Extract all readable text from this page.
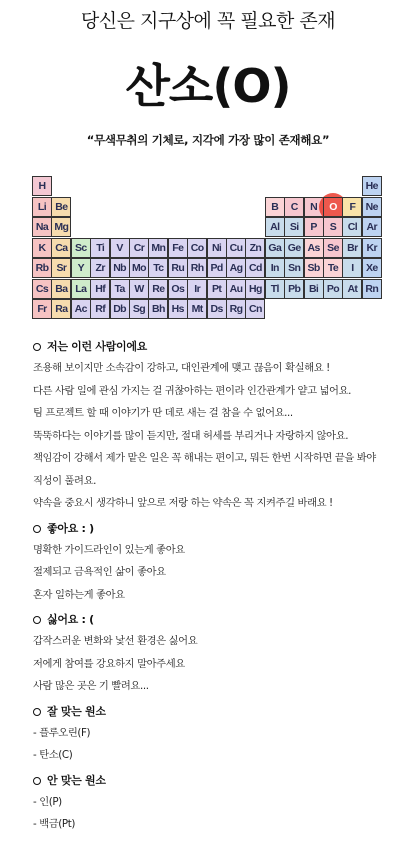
당신은 지구상에 꼭 필요한 존재
산소(O)
“무색무취의 기체로, 지각에 가장 많이 존재해요”
H	He
Li Be	B	C	N	O	F Ne
Na Mg	Al Si	P	S	Cl Ar
K Ca Sc Ti	V	Cr Mn Fe Co Ni Cu Zn Ga Ge As Se Br Kr
Rb Sr	Y	Zr Nb Mo Tc Ru Rh Pd Ag Cd In Sn Sb Te	I	Xe
Cs Ba La Hf Ta W Re Os Ir	Pt Au Hg Tl Pb Bi Po At Rn
Fr Ra Ac Rf Db Sg Bh Hs Mt Ds Rg Cn
저는 이런 사람이에요
조용해 보이지만 소속감이 강하고, 대인관계에 맺고 끊음이 확실해요 !
다른 사람 일에 관심 가지는 걸 귀찮아하는 편이라 인간관계가 얕고 넓어요.
팀 프로젝트 할 때 이야기가 딴 데로 새는 걸 참을 수 없어요...
뚝뚝하다는 이야기를 많이 듣지만, 절대 허세를 부리거나 자랑하지 않아요.
책임감이 강해서 제가 맡은 일은 꼭 해내는 편이고, 뭐든 한번 시작하면 끝을 봐야
직성이 풀려요.
약속을 중요시 생각하니 앞으로 저랑 하는 약속은 꼭 지켜주길 바래요 !
좋아요 : )
명확한 가이드라인이 있는게 좋아요
절제되고 금욕적인 삶이 좋아요
혼자 일하는게 좋아요
싫어요 : (
갑작스러운 변화와 낯선 환경은 싫어요
저에게 참여를 강요하지 말아주세요
사람 많은 곳은 기 빨려요...
잘 맞는 원소
- 플루오린(F)
- 탄소(C)
안 맞는 원소
- 인(P)
- 백금(Pt)
